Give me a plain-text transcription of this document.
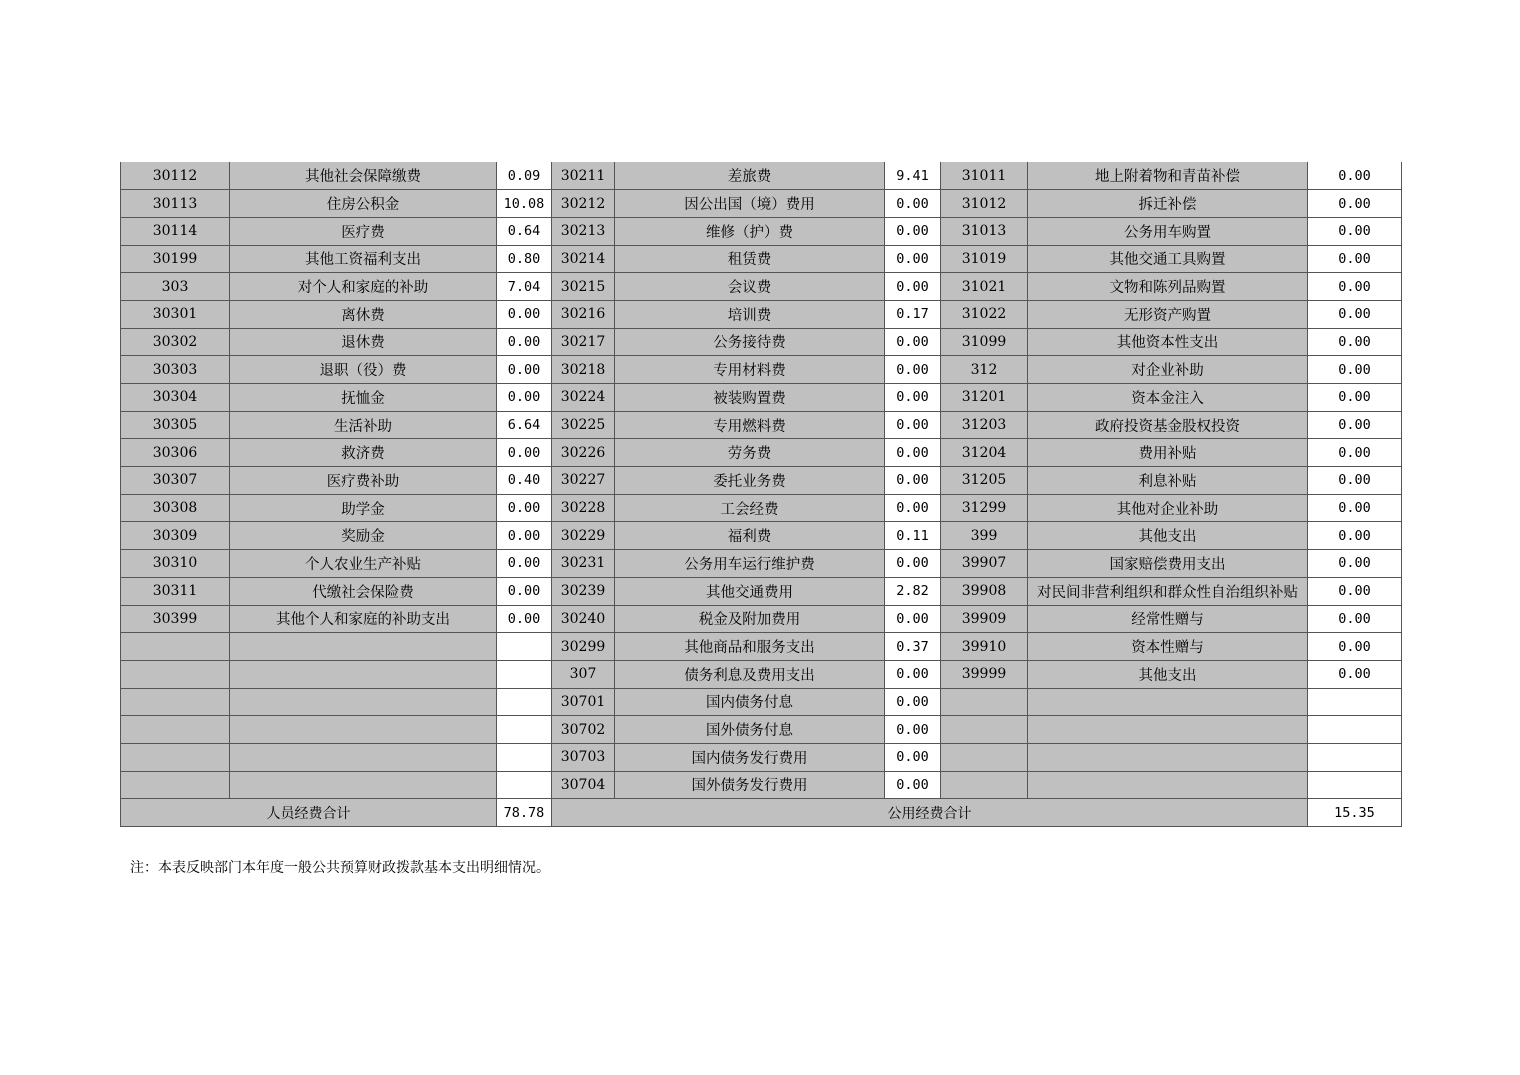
30112	其他社会保障缴费	0.09	30211	差旅费	9.41	31011	地上附着物和青苗补偿	0.00
30113	住房公积金	10.08	30212	因公出国（境）费用	0.00	31012	拆迁补偿	0.00
30114	医疗费	0.64	30213	维修（护）费	0.00	31013	公务用车购置	0.00
30199	其他工资福利支出	0.80	30214	租赁费	0.00	31019	其他交通工具购置	0.00
303	对个人和家庭的补助	7.04	30215	会议费	0.00	31021	文物和陈列品购置	0.00
30301	离休费	0.00	30216	培训费	0.17	31022	无形资产购置	0.00
30302	退休费	0.00	30217	公务接待费	0.00	31099	其他资本性支出	0.00
30303	退职（役）费	0.00	30218	专用材料费	0.00	312	对企业补助	0.00
30304	抚恤金	0.00	30224	被装购置费	0.00	31201	资本金注入	0.00
30305	生活补助	6.64	30225	专用燃料费	0.00	31203	政府投资基金股权投资	0.00
30306	救济费	0.00	30226	劳务费	0.00	31204	费用补贴	0.00
30307	医疗费补助	0.40	30227	委托业务费	0.00	31205	利息补贴	0.00
30308	助学金	0.00	30228	工会经费	0.00	31299	其他对企业补助	0.00
30309	奖励金	0.00	30229	福利费	0.11	399	其他支出	0.00
30310	个人农业生产补贴	0.00	30231	公务用车运行维护费	0.00	39907	国家赔偿费用支出	0.00
30311	代缴社会保险费	0.00	30239	其他交通费用	2.82	39908	对民间非营利组织和群众性自治组织补贴	0.00
30399	其他个人和家庭的补助支出	0.00	30240	税金及附加费用	0.00	39909	经常性赠与	0.00
			30299	其他商品和服务支出	0.37	39910	资本性赠与	0.00
			307	债务利息及费用支出	0.00	39999	其他支出	0.00
			30701	国内债务付息	0.00			
			30702	国外债务付息	0.00			
			30703	国内债务发行费用	0.00			
			30704	国外债务发行费用	0.00			
人员经费合计		78.78	公用经费合计					15.35
注：本表反映部门本年度一般公共预算财政拨款基本支出明细情况。
